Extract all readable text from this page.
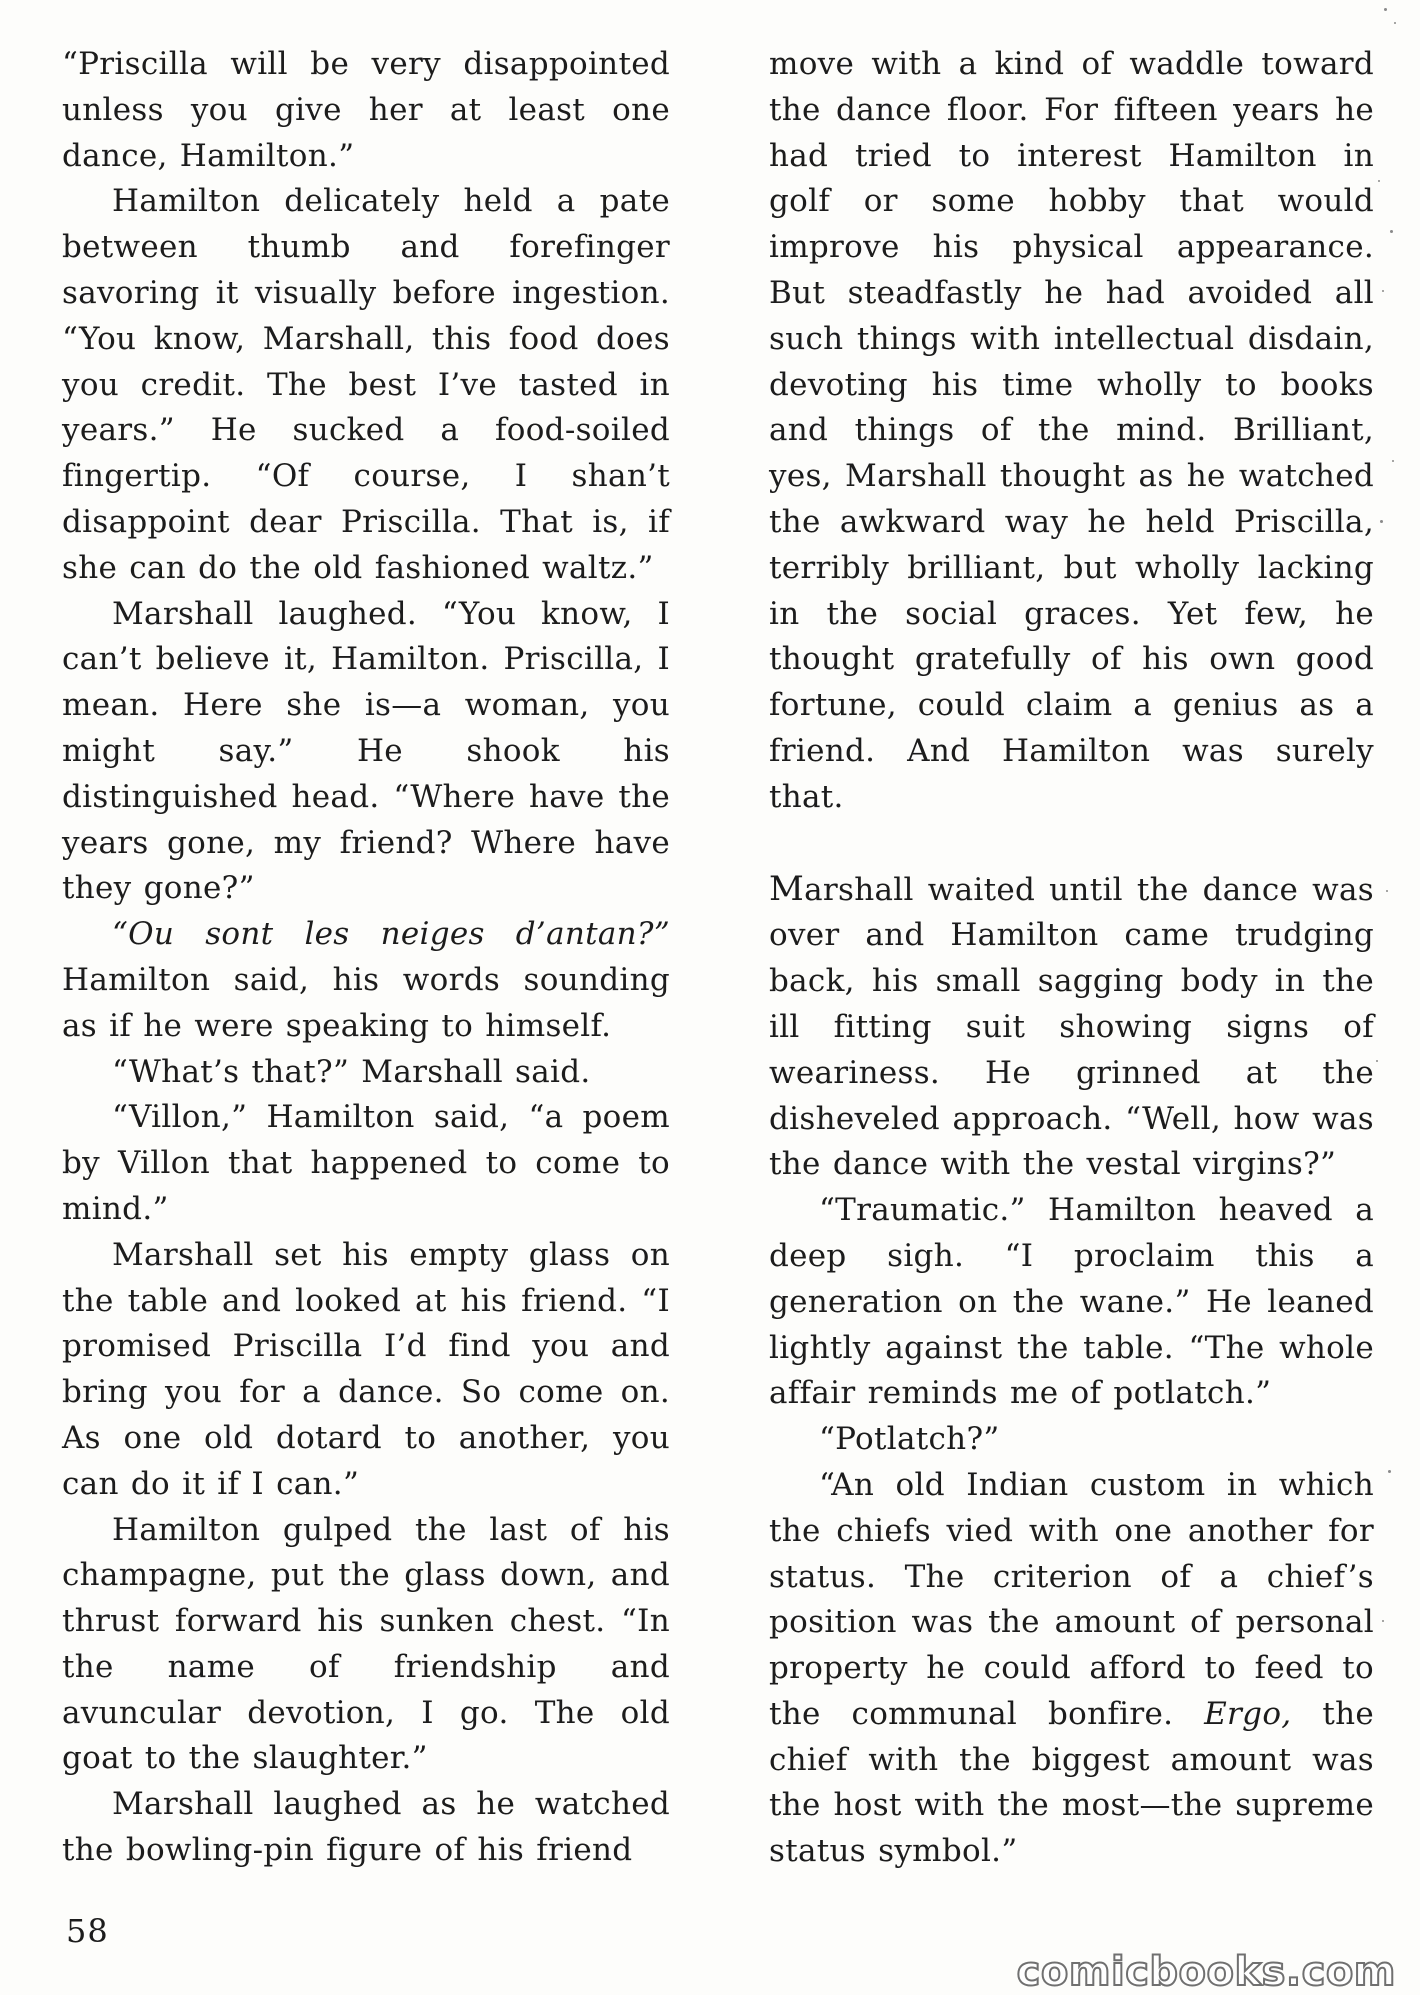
“Priscilla will be very disappointed unless you give her at least one dance, Hamilton.”

Hamilton delicately held a pate between thumb and forefinger savoring it visually before ingestion. “You know, Marshall, this food does you credit. The best I’ve tasted in years.” He sucked a food-soiled fingertip. “Of course, I shan’t disappoint dear Priscilla. That is, if she can do the old fashioned waltz.”

Marshall laughed. “You know, I can’t believe it, Hamilton. Priscilla, I mean. Here she is—a woman, you might say.” He shook his distinguished head. “Where have the years gone, my friend? Where have they gone?”

“Ou sont les neiges d’antan?” Hamilton said, his words sounding as if he were speaking to himself.

“What’s that?” Marshall said.

“Villon,” Hamilton said, “a poem by Villon that happened to come to mind.”

Marshall set his empty glass on the table and looked at his friend. “I promised Priscilla I’d find you and bring you for a dance. So come on. As one old dotard to another, you can do it if I can.”

Hamilton gulped the last of his champagne, put the glass down, and thrust forward his sunken chest. “In the name of friendship and avuncular devotion, I go. The old goat to the slaughter.”

Marshall laughed as he watched the bowling-pin figure of his friend

move with a kind of waddle toward the dance floor. For fifteen years he had tried to interest Hamilton in golf or some hobby that would improve his physical appearance. But steadfastly he had avoided all such things with intellectual disdain, devoting his time wholly to books and things of the mind. Brilliant, yes, Marshall thought as he watched the awkward way he held Priscilla, terribly brilliant, but wholly lacking in the social graces. Yet few, he thought gratefully of his own good fortune, could claim a genius as a friend. And Hamilton was surely that.

Marshall waited until the dance was over and Hamilton came trudging back, his small sagging body in the ill fitting suit showing signs of weariness. He grinned at the disheveled approach. “Well, how was the dance with the vestal virgins?”

“Traumatic.” Hamilton heaved a deep sigh. “I proclaim this a generation on the wane.” He leaned lightly against the table. “The whole affair reminds me of potlatch.”

“Potlatch?”

“An old Indian custom in which the chiefs vied with one another for status. The criterion of a chief’s position was the amount of personal property he could afford to feed to the communal bonfire. Ergo, the chief with the biggest amount was the host with the most—the supreme status symbol.”

58
comicbooks.com
